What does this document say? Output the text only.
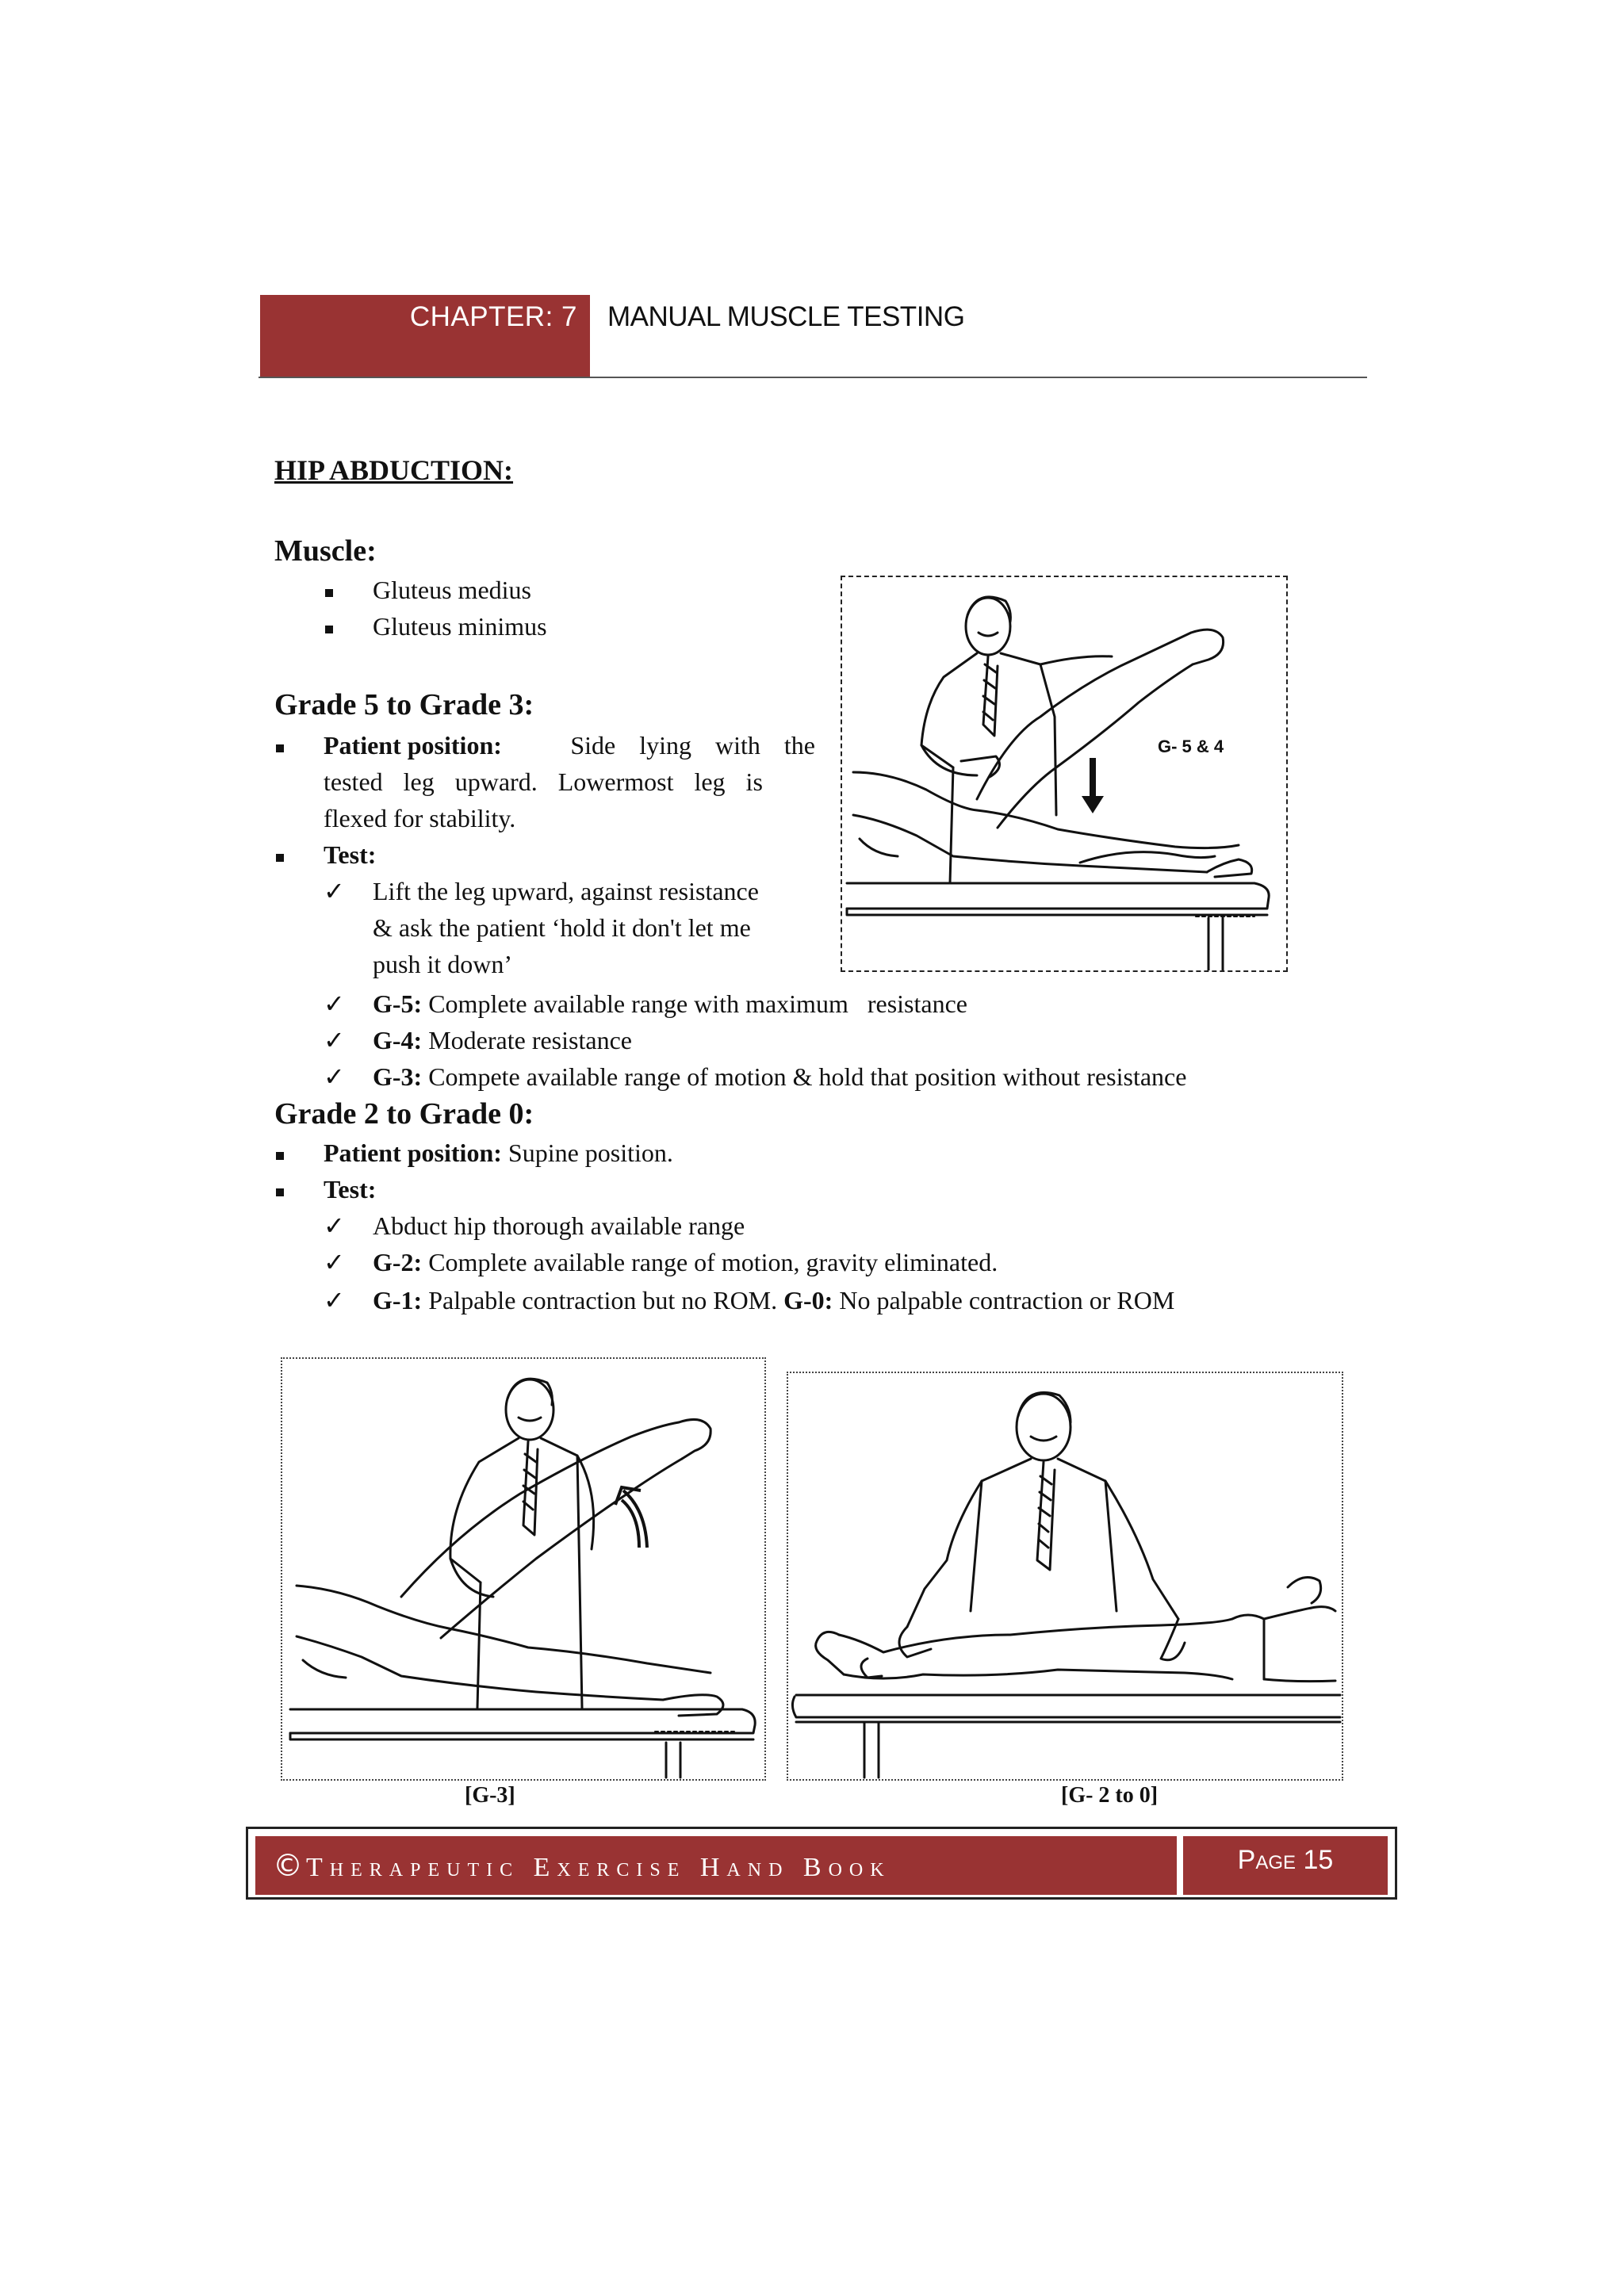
CHAPTER: 7 MANUAL MUSCLE TESTING
HIP ABDUCTION:
Muscle:
Gluteus medius
Gluteus minimus
Grade 5 to Grade 3:
Patient position:	Side lying with the
tested leg upward. Lowermost leg is
flexed for stability.
Test:
✓ Lift the leg upward, against resistance
& ask the patient ‘hold it don't let me
push it down’
✓ G-5: Complete available range with maximum   resistance
✓ G-4: Moderate resistance
✓ G-3: Compete available range of motion & hold that position without resistance
Grade 2 to Grade 0:
Patient position: Supine position.
Test:
✓ Abduct hip thorough available range
✓ G-2: Complete available range of motion, gravity eliminated.
✓ G-1: Palpable contraction but no ROM. G-0: No palpable contraction or ROM
G- 5 & 4
[G-3]	[G- 2 to 0]
©Therapeutic Exercise Hand Book	Page 15
